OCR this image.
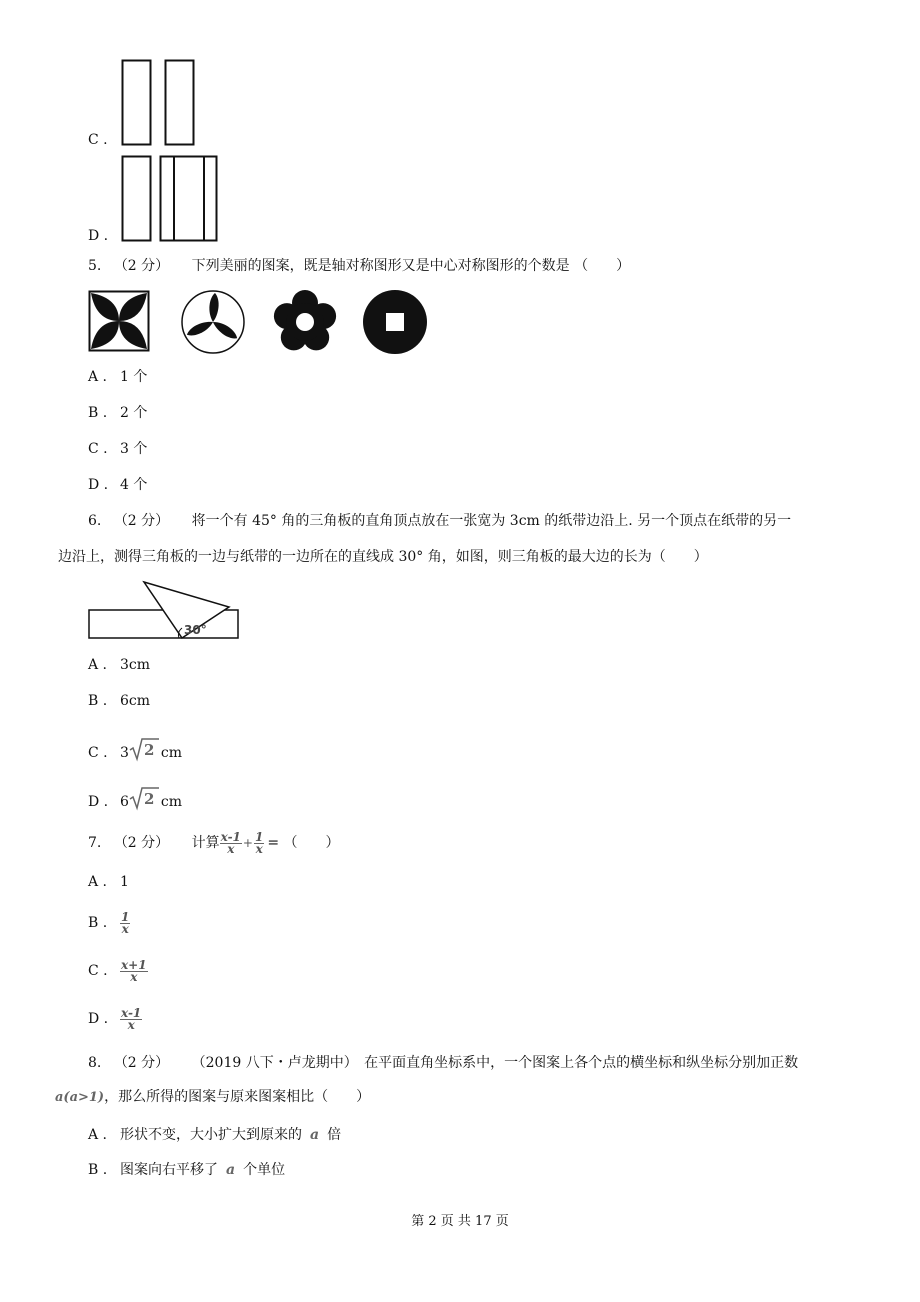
C .
D .
5. （2 分） 下列美丽的图案，既是轴对称图形又是中心对称图形的个数是 （　　）
A . 1 个
B . 2 个
C . 3 个
D . 4 个
6. （2 分） 将一个有 45° 角的三角板的直角顶点放在一张宽为 3cm 的纸带边沿上. 另一个顶点在纸带的另一
边沿上，测得三角板的一边与纸带的一边所在的直线成 30° 角，如图，则三角板的最大边的长为（　　）
30°
A . 3cm
B . 6cm
C . 3 2 cm
D . 6 2 cm
7. （2 分） 计算 $\frac{x-1}{x} + \frac{1}{x}$ = （　　）
A . 1
B . $\frac{1}{x}$
C . $\frac{x+1}{x}$
D . $\frac{x-1}{x}$
8. （2 分） （2019 八下・卢龙期中） 在平面直角坐标系中，一个图案上各个点的横坐标和纵坐标分别加正数
a(a>1)，那么所得的图案与原来图案相比（　　）
A . 形状不变，大小扩大到原来的 a 倍
B . 图案向右平移了 a 个单位
第 2 页 共 17 页
